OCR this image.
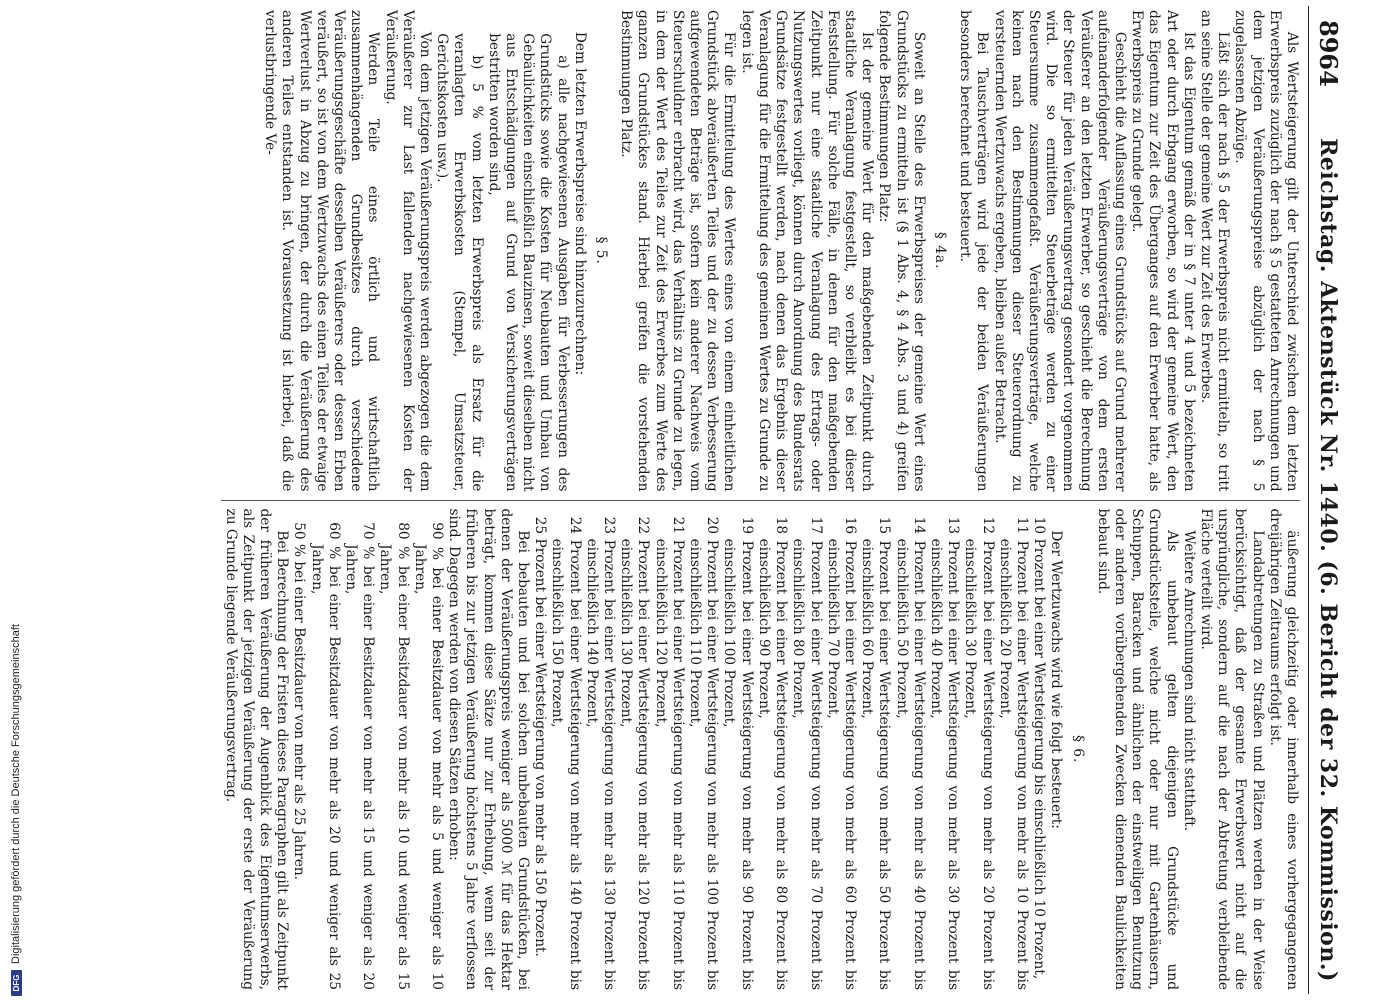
8964
Reichstag. Aktenstück Nr. 1440. (6. Bericht der 32. Kommission.)

Als Wertsteigerung gilt der Unterschied zwischen dem letzten Erwerbspreis zuzüglich der nach § 5 gestatteten Anrechnungen und dem jetzigen Veräußerungspreise abzüglich der nach § 5 zugelassenen Abzüge.

Läßt sich der nach § 5 der Erwerbspreis nicht ermitteln, so tritt an seine Stelle der gemeine Wert zur Zeit des Erwerbes.

Ist das Eigentum gemäß der in § 7 unter 4 und 5 bezeichneten Art oder durch Erbgang erworben, so wird der gemeine Wert, den das Eigentum zur Zeit des Überganges auf den Erwerber hatte, als Erwerbspreis zu Grunde gelegt.

Geschieht die Auflassung eines Grundstücks auf Grund mehrerer aufeinanderfolgender Veräußerungsverträge von dem ersten Veräußerer an den letzten Erwerber, so geschieht die Berechnung der Steuer für jeden Veräußerungsvertrag gesondert vorgenommen wird. Die so ermittelten Steuerbeträge werden zu einer Steuersumme zusammengefaßt. Veräußerungsverträge, welche keinen nach den Bestimmungen dieser Steuerordnung zu versteuernden Wertzuwachs ergeben, bleiben außer Betracht.

Bei Tauschverträgen wird jede der beiden Veräußerungen besonders berechnet und besteuert.

§ 4a.

Soweit an Stelle des Erwerbspreises der gemeine Wert eines Grundstücks zu ermitteln ist (§ 1 Abs. 4, § 4 Abs. 3 und 4) greifen folgende Bestimmungen Platz:

Ist der gemeine Wert für den maßgebenden Zeitpunkt durch staatliche Veranlagung festgestellt, so verbleibt es bei dieser Feststellung. Für solche Fälle, in denen für den maßgebenden Zeitpunkt nur eine staatliche Veranlagung des Ertrags- oder Nutzungswertes vorliegt, können durch Anordnung des Bundesrats Grundsätze festgestellt werden, nach denen das Ergebnis dieser Veranlagung für die Ermittelung des gemeinen Wertes zu Grunde zu legen ist.

Für die Ermittelung des Wertes eines von einem einheitlichen Grundstück abveräußerten Teiles und der zu dessen Verbesserung aufgewendeten Beträge ist, sofern kein anderer Nachweis vom Steuerschuldner erbracht wird, das Verhältnis zu Grunde zu legen, in dem der Wert des Teiles zur Zeit des Erwerbes zum Werte des ganzen Grundstückes stand. Hierbei greifen die vorstehenden Bestimmungen Platz.

§ 5.

Dem letzten Erwerbspreise sind hinzuzurechnen:

a) alle nachgewiesenen Ausgaben für Verbesserungen des Grundstücks sowie die Kosten für Neubauten und Umbau von Gebäulichkeiten einschließlich Bauzinsen, soweit dieselben nicht aus Entschädigungen auf Grund von Versicherungsverträgen bestritten worden sind,

b) 5 % vom letzten Erwerbspreis als Ersatz für die veranlagten Erwerbskosten (Stempel, Umsatzsteuer, Gerichtskosten usw.).

Von dem jetzigen Veräußerungspreis werden abgezogen die dem Veräußerer zur Last fallenden nachgewiesenen Kosten der Veräußerung.

Werden Teile eines örtlich und wirtschaftlich zusammenhängenden Grundbesitzes durch verschiedene Veräußerungsgeschäfte desselben Veräußerers oder dessen Erben veräußert, so ist von dem Wertzuwachs des einen Teiles der etwaige Wertverlust in Abzug zu bringen, der durch die Veräußerung des anderen Teiles entstanden ist. Voraussetzung ist hierbei, daß die verlustbringende Ve-

äußerung gleichzeitig oder innerhalb eines vorhergegangenen dreijährigen Zeitraums erfolgt ist.

Landabtretungen zu Straßen und Plätzen werden in der Weise berücksichtigt, daß der gesamte Erwerbswert nicht auf die ursprüngliche, sondern auf die nach der Abtretung verbleibende Fläche verteilt wird.

Weitere Anrechnungen sind nicht statthaft.

Als unbebaut gelten diejenigen Grundstücke und Grundstücksteile, welche nicht oder nur mit Gartenhäusern, Schuppen, Baracken und ähnlichen der einstweiligen Benutzung oder anderen vorübergehenden Zwecken dienenden Baulichkeiten bebaut sind.

§ 6.

Der Wertzuwachs wird wie folgt besteuert:

10 Prozent bei einer Wertsteigerung bis einschließlich 10 Prozent,

11 Prozent bei einer Wertsteigerung von mehr als 10 Prozent bis einschließlich 20 Prozent,

12 Prozent bei einer Wertsteigerung von mehr als 20 Prozent bis einschließlich 30 Prozent,

13 Prozent bei einer Wertsteigerung von mehr als 30 Prozent bis einschließlich 40 Prozent,

14 Prozent bei einer Wertsteigerung von mehr als 40 Prozent bis einschließlich 50 Prozent,

15 Prozent bei einer Wertsteigerung von mehr als 50 Prozent bis einschließlich 60 Prozent,

16 Prozent bei einer Wertsteigerung von mehr als 60 Prozent bis einschließlich 70 Prozent,

17 Prozent bei einer Wertsteigerung von mehr als 70 Prozent bis einschließlich 80 Prozent,

18 Prozent bei einer Wertsteigerung von mehr als 80 Prozent bis einschließlich 90 Prozent,

19 Prozent bei einer Wertsteigerung von mehr als 90 Prozent bis einschließlich 100 Prozent,

20 Prozent bei einer Wertsteigerung von mehr als 100 Prozent bis einschließlich 110 Prozent,

21 Prozent bei einer Wertsteigerung von mehr als 110 Prozent bis einschließlich 120 Prozent,

22 Prozent bei einer Wertsteigerung von mehr als 120 Prozent bis einschließlich 130 Prozent,

23 Prozent bei einer Wertsteigerung von mehr als 130 Prozent bis einschließlich 140 Prozent,

24 Prozent bei einer Wertsteigerung von mehr als 140 Prozent bis einschließlich 150 Prozent,

25 Prozent bei einer Wertsteigerung von mehr als 150 Prozent.

Bei bebauten und bei solchen unbebauten Grundstücken, bei denen der Veräußerungspreis weniger als 5000 ℳ für das Hektar beträgt, kommen diese Sätze nur zur Erhebung, wenn seit der früheren bis zur jetzigen Veräußerung höchstens 5 Jahre verflossen sind. Dagegen werden von diesen Sätzen erhoben:

90 % bei einer Besitzdauer von mehr als 5 und weniger als 10 Jahren,

80 % bei einer Besitzdauer von mehr als 10 und weniger als 15 Jahren,

70 % bei einer Besitzdauer von mehr als 15 und weniger als 20 Jahren,

60 % bei einer Besitzdauer von mehr als 20 und weniger als 25 Jahren,

50 % bei einer Besitzdauer von mehr als 25 Jahren.

Bei Berechnung der Fristen dieses Paragraphen gilt als Zeitpunkt der früheren Veräußerung der Augenblick des Eigentumserwerbs, als Zeitpunkt der jetzigen Veräußerung der erste der Veräußerung zu Grunde liegende Veräußerungsvertrag.

DFG
Digitalisierung gefördert durch die Deutsche Forschungsgemeinschaft
